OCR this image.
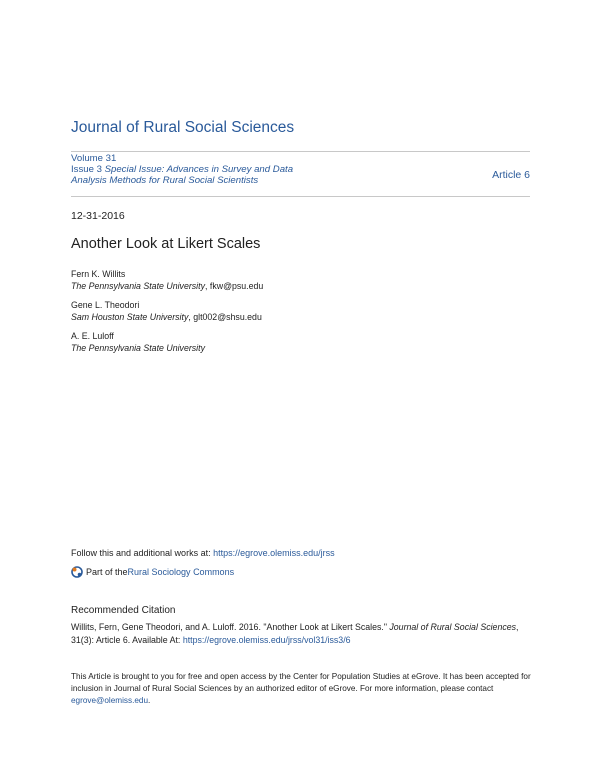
Journal of Rural Social Sciences
Volume 31
Issue 3 Special Issue: Advances in Survey and Data Analysis Methods for Rural Social Scientists	Article 6
12-31-2016
Another Look at Likert Scales
Fern K. Willits
The Pennsylvania State University, fkw@psu.edu
Gene L. Theodori
Sam Houston State University, glt002@shsu.edu
A. E. Luloff
The Pennsylvania State University
Follow this and additional works at: https://egrove.olemiss.edu/jrss
Part of the Rural Sociology Commons
Recommended Citation
Willits, Fern, Gene Theodori, and A. Luloff. 2016. "Another Look at Likert Scales." Journal of Rural Social Sciences, 31(3): Article 6. Available At: https://egrove.olemiss.edu/jrss/vol31/iss3/6
This Article is brought to you for free and open access by the Center for Population Studies at eGrove. It has been accepted for inclusion in Journal of Rural Social Sciences by an authorized editor of eGrove. For more information, please contact egrove@olemiss.edu.
